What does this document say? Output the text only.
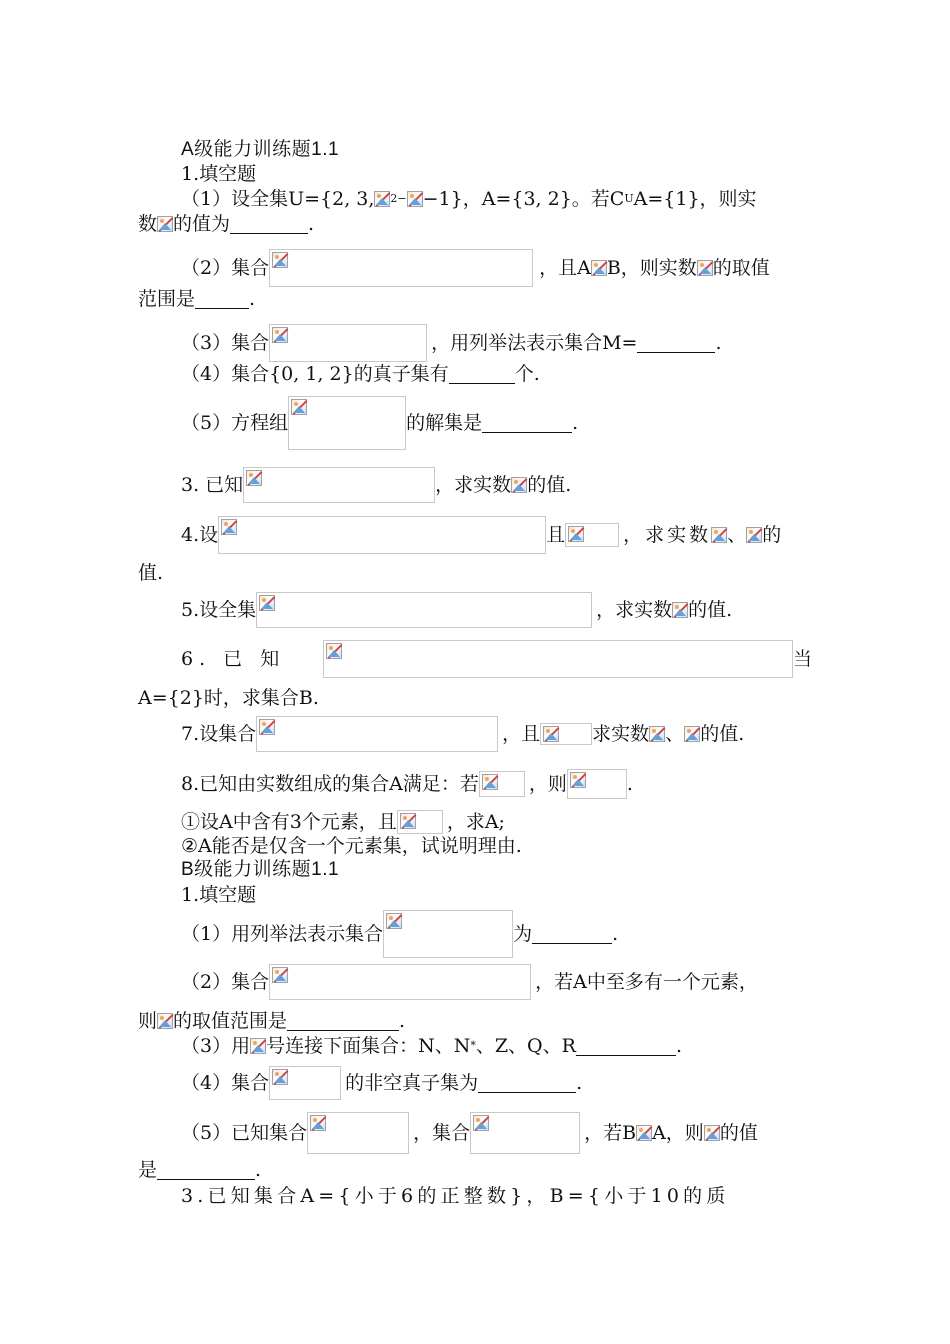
A级能力训练题1.1
1.填空题
（1）设全集U={2, 3, 2− −1}，A={3, 2}。若C U A={1}，则实
数 的值为	.
（2）集合	，且A B，则实数 的取值
范围是	.
（3）集合	，用列举法表示集合M=	.
（4）集合{0, 1, 2}的真子集有	个.
（5）方程组	的解集是	.
3. 已知	，求实数 的值.
4.设	且	，求实数 、 的
值.
5.设全集	，求实数 的值.
6. 已 知	当
A={2}时，求集合B.
7.设集合	，且	求实数 、 的值.
8.已知由实数组成的集合A满足：若	，则	.
①设A中含有3个元素，且	，求A;
②A能否是仅含一个元素集，试说明理由.
B级能力训练题1.1
1.填空题
（1）用列举法表示集合	为	.
（2）集合	，若A中至多有一个元素，
则 的取值范围是	.
（3）用 号连接下面集合：N、N * 、Z、Q、R	.
（4）集合	的非空真子集为	.
（5）已知集合	，集合	，若B A，则 的值
是	.
3.已知集合A={小于6的正整数}，B={小于10的质
